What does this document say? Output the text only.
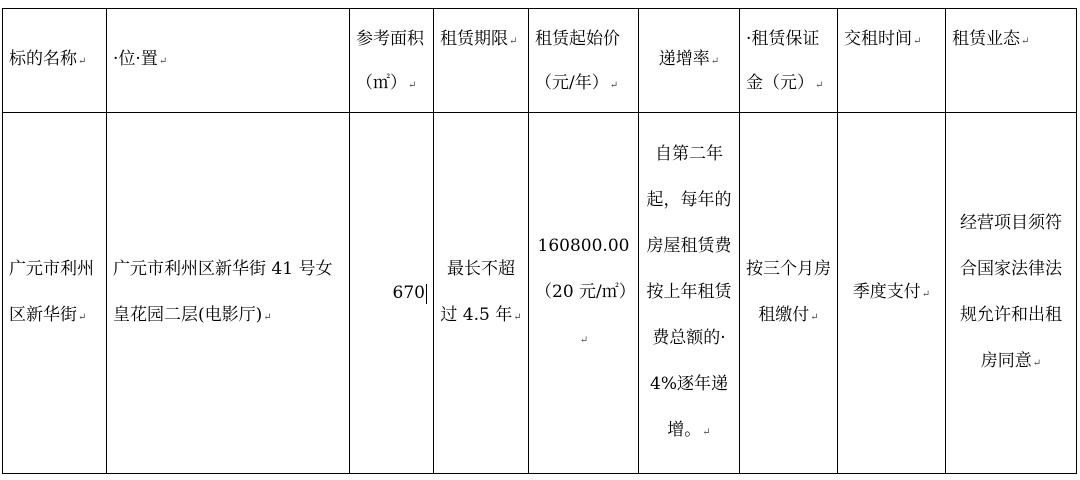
标的名称↵	·位·置↵	参考面积（㎡）↵	租赁期限↵	租赁起始价（元/年）↵	递增率↵	·租赁保证金（元）↵	交租时间↵	租赁业态↵
广元市利州区新华街↵	广元市利州区新华街 41 号女皇花园二层(电影厅)↵	670	最长不超过 4.5 年↵	160800.00（20 元/㎡）↵	自第二年起，每年的房屋租赁费按上年租赁费总额的· 4%逐年递增。↵	按三个月房租缴付↵	季度支付↵	经营项目须符合国家法律法规允许和出租房同意↵
